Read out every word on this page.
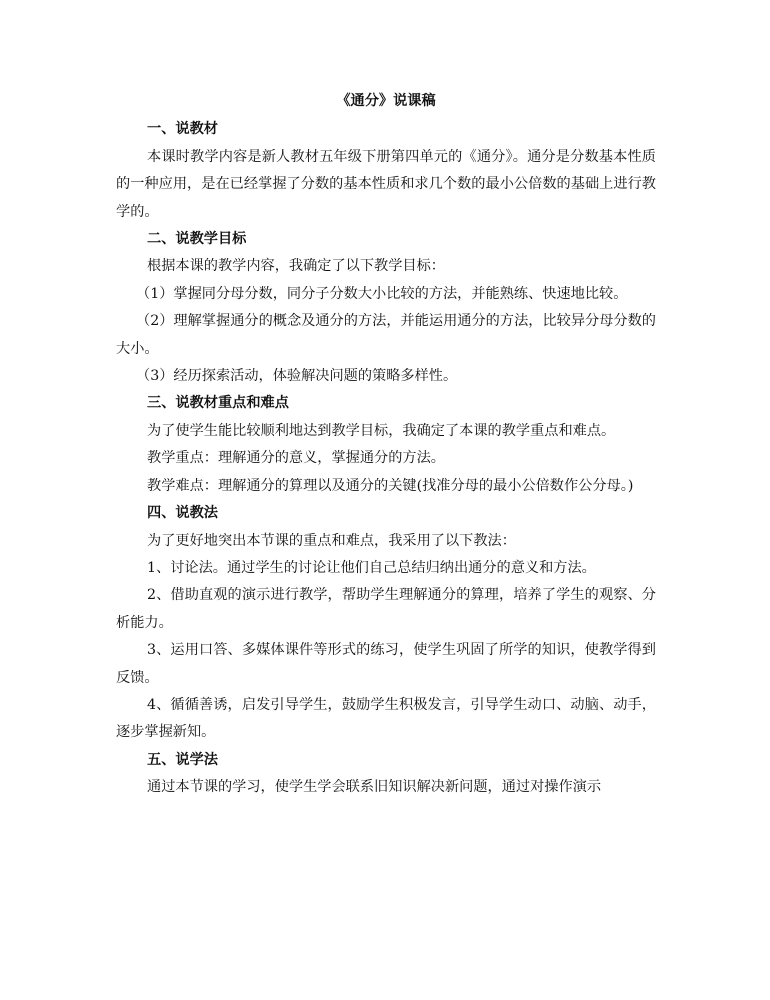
《通分》说课稿
一、说教材
本课时教学内容是新人教材五年级下册第四单元的《通分》。通分是分数基本性质的一种应用，是在已经掌握了分数的基本性质和求几个数的最小公倍数的基础上进行教学的。
二、说教学目标
根据本课的教学内容，我确定了以下教学目标：
（1）掌握同分母分数，同分子分数大小比较的方法，并能熟练、快速地比较。
（2）理解掌握通分的概念及通分的方法，并能运用通分的方法，比较异分母分数的大小。
（3）经历探索活动，体验解决问题的策略多样性。
三、说教材重点和难点
为了使学生能比较顺利地达到教学目标，我确定了本课的教学重点和难点。
教学重点：理解通分的意义，掌握通分的方法。
教学难点：理解通分的算理以及通分的关键(找准分母的最小公倍数作公分母。)
四、说教法
为了更好地突出本节课的重点和难点，我采用了以下教法：
1、讨论法。通过学生的讨论让他们自己总结归纳出通分的意义和方法。
2、借助直观的演示进行教学，帮助学生理解通分的算理，培养了学生的观察、分析能力。
3、运用口答、多媒体课件等形式的练习，使学生巩固了所学的知识，使教学得到反馈。
4、循循善诱，启发引导学生，鼓励学生积极发言，引导学生动口、动脑、动手，逐步掌握新知。
五、说学法
通过本节课的学习，使学生学会联系旧知识解决新问题，通过对操作演示
